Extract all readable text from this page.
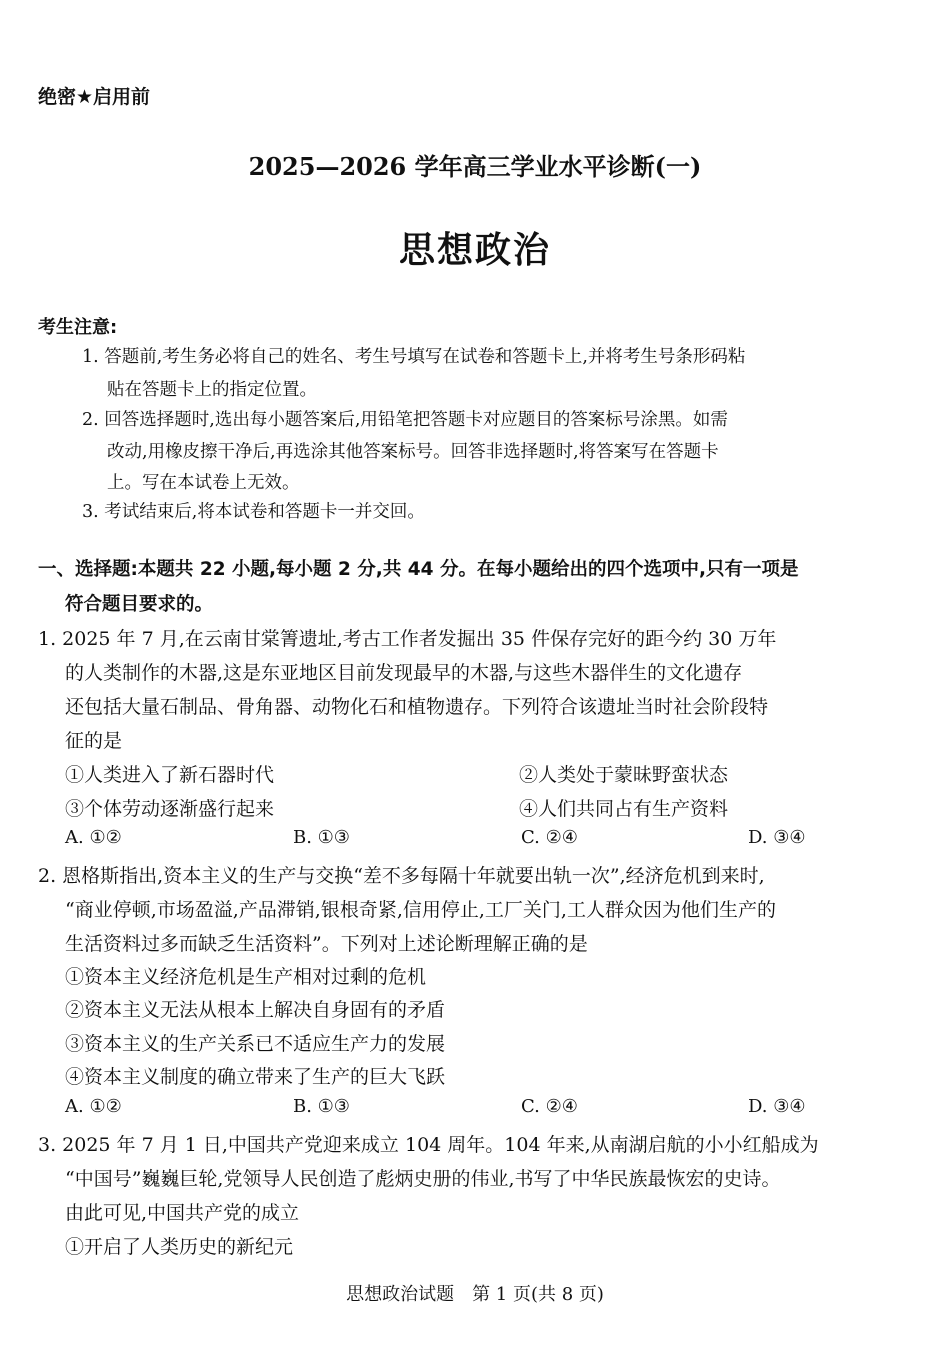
绝密★启用前
2025—2026 学年高三学业水平诊断(一)
思想政治
考生注意:
1. 答题前,考生务必将自己的姓名、考生号填写在试卷和答题卡上,并将考生号条形码粘
贴在答题卡上的指定位置。
2. 回答选择题时,选出每小题答案后,用铅笔把答题卡对应题目的答案标号涂黑。如需
改动,用橡皮擦干净后,再选涂其他答案标号。回答非选择题时,将答案写在答题卡
上。写在本试卷上无效。
3. 考试结束后,将本试卷和答题卡一并交回。
一、选择题:本题共 22 小题,每小题 2 分,共 44 分。在每小题给出的四个选项中,只有一项是
符合题目要求的。
1. 2025 年 7 月,在云南甘棠箐遗址,考古工作者发掘出 35 件保存完好的距今约 30 万年
的人类制作的木器,这是东亚地区目前发现最早的木器,与这些木器伴生的文化遗存
还包括大量石制品、骨角器、动物化石和植物遗存。下列符合该遗址当时社会阶段特
征的是
①人类进入了新石器时代	②人类处于蒙昧野蛮状态
③个体劳动逐渐盛行起来	④人们共同占有生产资料
A. ①②	B. ①③	C. ②④	D. ③④
2. 恩格斯指出,资本主义的生产与交换“差不多每隔十年就要出轨一次”,经济危机到来时,
“商业停顿,市场盈溢,产品滞销,银根奇紧,信用停止,工厂关门,工人群众因为他们生产的
生活资料过多而缺乏生活资料”。下列对上述论断理解正确的是
①资本主义经济危机是生产相对过剩的危机
②资本主义无法从根本上解决自身固有的矛盾
③资本主义的生产关系已不适应生产力的发展
④资本主义制度的确立带来了生产的巨大飞跃
A. ①②	B. ①③	C. ②④	D. ③④
3. 2025 年 7 月 1 日,中国共产党迎来成立 104 周年。104 年来,从南湖启航的小小红船成为
“中国号”巍巍巨轮,党领导人民创造了彪炳史册的伟业,书写了中华民族最恢宏的史诗。
由此可见,中国共产党的成立
①开启了人类历史的新纪元
思想政治试题　第 1 页(共 8 页)
